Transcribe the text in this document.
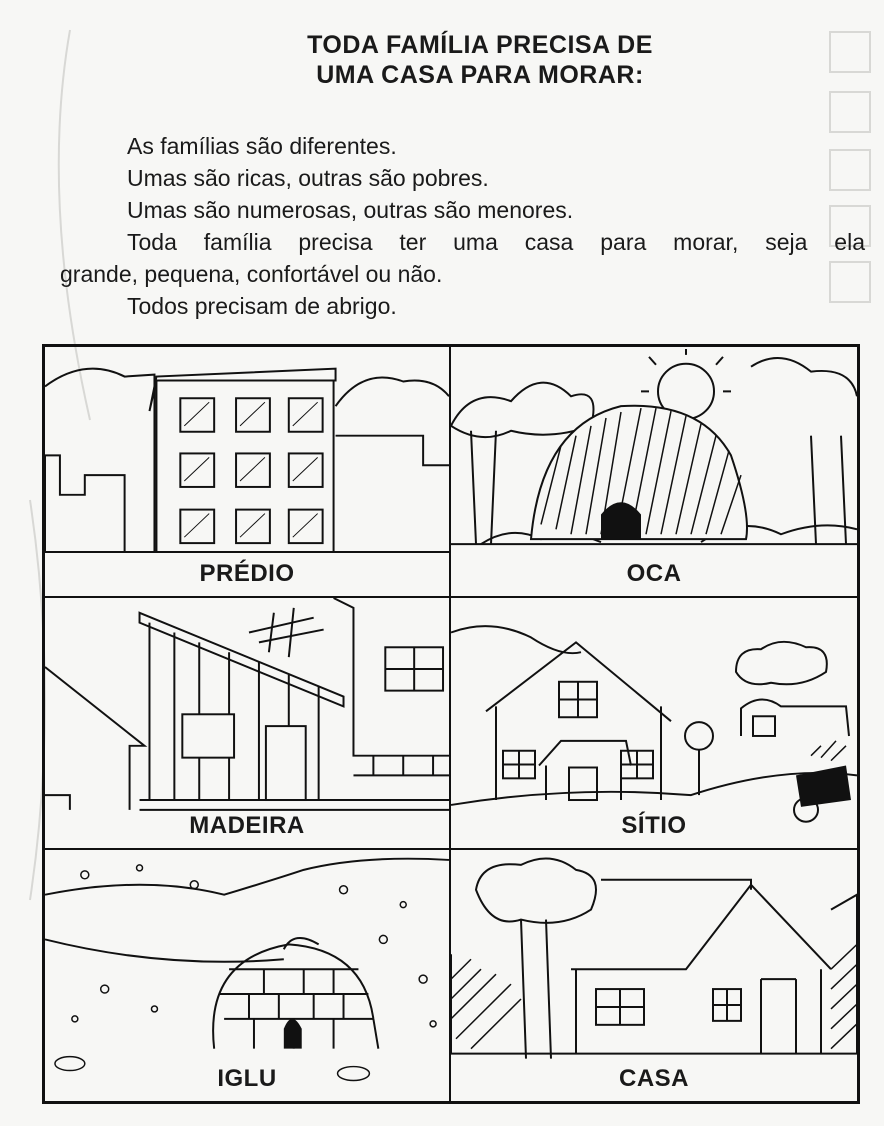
TODA FAMÍLIA PRECISA DE
UMA CASA PARA MORAR:

As famílias são diferentes.

Umas são ricas, outras são pobres.

Umas são numerosas, outras são menores.

Toda família precisa ter uma casa para morar, seja ela

grande, pequena, confortável ou não.

Todos precisam de abrigo.

PRÉDIO	OCA
MADEIRA	SÍTIO
IGLU	CASA
